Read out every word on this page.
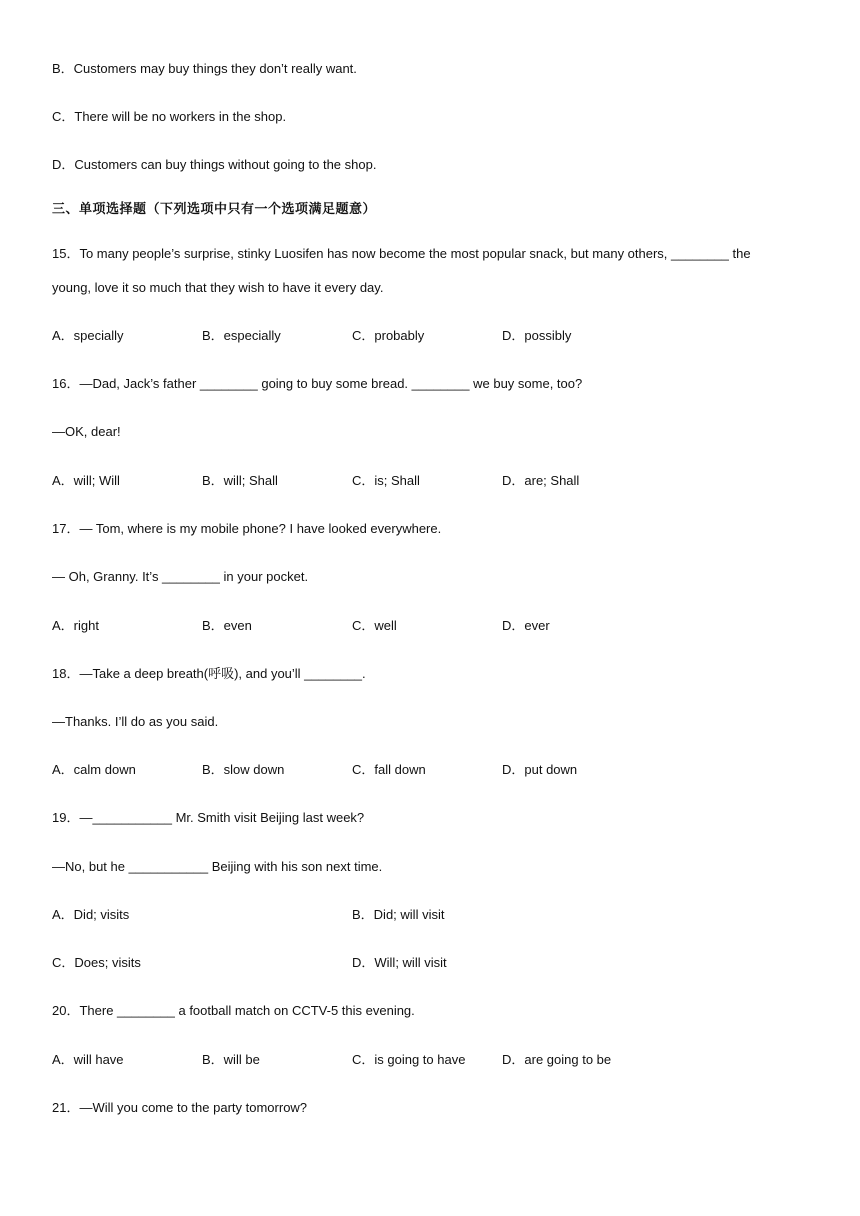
B．Customers may buy things they don’t really want.
C．There will be no workers in the shop.
D．Customers can buy things without going to the shop.
三、单项选择题（下列选项中只有一个选项满足题意）
15．To many people’s surprise, stinky Luosifen has now become the most popular snack, but many others, ________ the
young, love it so much that they wish to have it every day.
A．specially	B．especially	C．probably	D．possibly
16．—Dad, Jack’s father ________ going to buy some bread. ________ we buy some, too?
—OK, dear!
A．will; Will	B．will; Shall	C．is; Shall	D．are; Shall
17．— Tom, where is my mobile phone? I have looked everywhere.
— Oh, Granny. It’s ________ in your pocket.
A．right	B．even	C．well	D．ever
18．—Take a deep breath(呼吸), and you’ll ________.
—Thanks. I’ll do as you said.
A．calm down	B．slow down	C．fall down	D．put down
19．—___________ Mr. Smith visit Beijing last week?
—No, but he ___________ Beijing with his son next time.
A．Did; visits	B．Did; will visit
C．Does; visits	D．Will; will visit
20．There ________ a football match on CCTV-5 this evening.
A．will have	B．will be	C．is going to have	D．are going to be
21．—Will you come to the party tomorrow?
